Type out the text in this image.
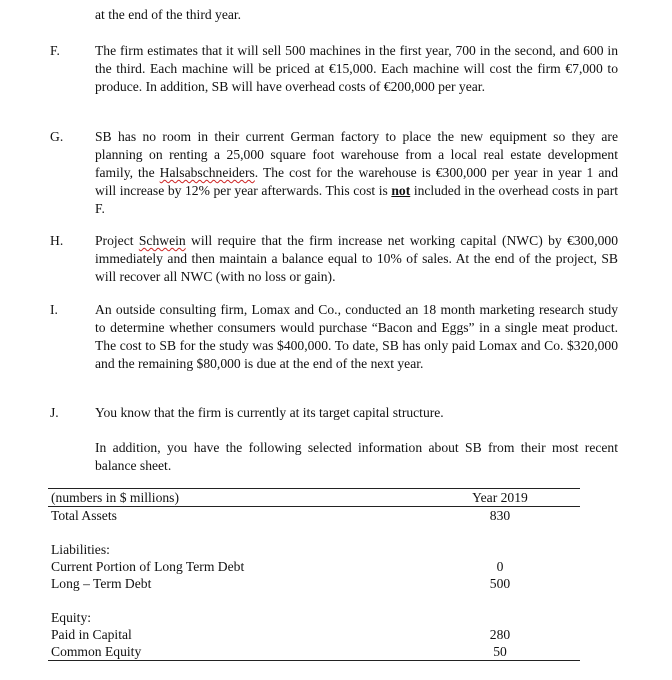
at the end of the third year.
F.	The firm estimates that it will sell 500 machines in the first year, 700 in the second, and 600 in the third. Each machine will be priced at €15,000. Each machine will cost the firm €7,000 to produce. In addition, SB will have overhead costs of €200,000 per year.
G. SB has no room in their current German factory to place the new equipment so they are planning on renting a 25,000 square foot warehouse from a local real estate development family, the Halsabschneiders. The cost for the warehouse is €300,000 per year in year 1 and will increase by 12% per year afterwards. This cost is not included in the overhead costs in part F.
H. Project Schwein will require that the firm increase net working capital (NWC) by €300,000 immediately and then maintain a balance equal to 10% of sales. At the end of the project, SB will recover all NWC (with no loss or gain).
I.	An outside consulting firm, Lomax and Co., conducted an 18 month marketing research study to determine whether consumers would purchase “Bacon and Eggs” in a single meat product. The cost to SB for the study was $400,000. To date, SB has only paid Lomax and Co. $320,000 and the remaining $80,000 is due at the end of the next year.
J.	You know that the firm is currently at its target capital structure.
In addition, you have the following selected information about SB from their most recent balance sheet.
(numbers in $ millions)	Year 2019
Total Assets	830

Liabilities:	
Current Portion of Long Term Debt	0
Long – Term Debt	500

Equity:	
Paid in Capital	280
Common Equity	50
